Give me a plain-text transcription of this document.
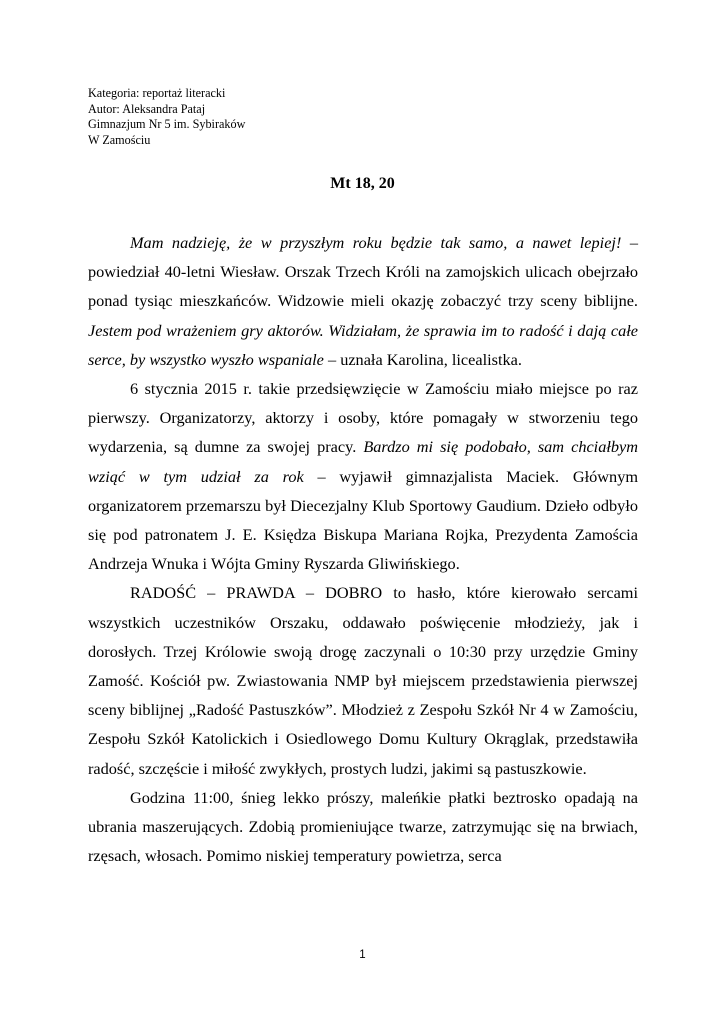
Kategoria: reportaż literacki
Autor: Aleksandra Pataj
Gimnazjum Nr 5 im. Sybiraków
W Zamościu
Mt 18, 20

Mam nadzieję, że w przyszłym roku będzie tak samo, a nawet lepiej! – powiedział 40-letni Wiesław. Orszak Trzech Króli na zamojskich ulicach obejrzało ponad tysiąc mieszkańców. Widzowie mieli okazję zobaczyć trzy sceny biblijne. Jestem pod wrażeniem gry aktorów. Widziałam, że sprawia im to radość i dają całe serce, by wszystko wyszło wspaniale – uznała Karolina, licealistka.

6 stycznia 2015 r. takie przedsięwzięcie w Zamościu miało miejsce po raz pierwszy. Organizatorzy, aktorzy i osoby, które pomagały w stworzeniu tego wydarzenia, są dumne za swojej pracy. Bardzo mi się podobało, sam chciałbym wziąć w tym udział za rok – wyjawił gimnazjalista Maciek. Głównym organizatorem przemarszu był Diecezjalny Klub Sportowy Gaudium. Dzieło odbyło się pod patronatem J. E. Księdza Biskupa Mariana Rojka, Prezydenta Zamościa Andrzeja Wnuka i Wójta Gminy Ryszarda Gliwińskiego.

RADOŚĆ – PRAWDA – DOBRO to hasło, które kierowało sercami wszystkich uczestników Orszaku, oddawało poświęcenie młodzieży, jak i dorosłych. Trzej Królowie swoją drogę zaczynali o 10:30 przy urzędzie Gminy Zamość. Kościół pw. Zwiastowania NMP był miejscem przedstawienia pierwszej sceny biblijnej „Radość Pastuszków”. Młodzież z Zespołu Szkół Nr 4 w Zamościu, Zespołu Szkół Katolickich i Osiedlowego Domu Kultury Okrąglak, przedstawiła radość, szczęście i miłość zwykłych, prostych ludzi, jakimi są pastuszkowie.

Godzina 11:00, śnieg lekko prószy, maleńkie płatki beztrosko opadają na ubrania maszerujących. Zdobią promieniujące twarze, zatrzymując się na brwiach, rzęsach, włosach. Pomimo niskiej temperatury powietrza, serca

1
